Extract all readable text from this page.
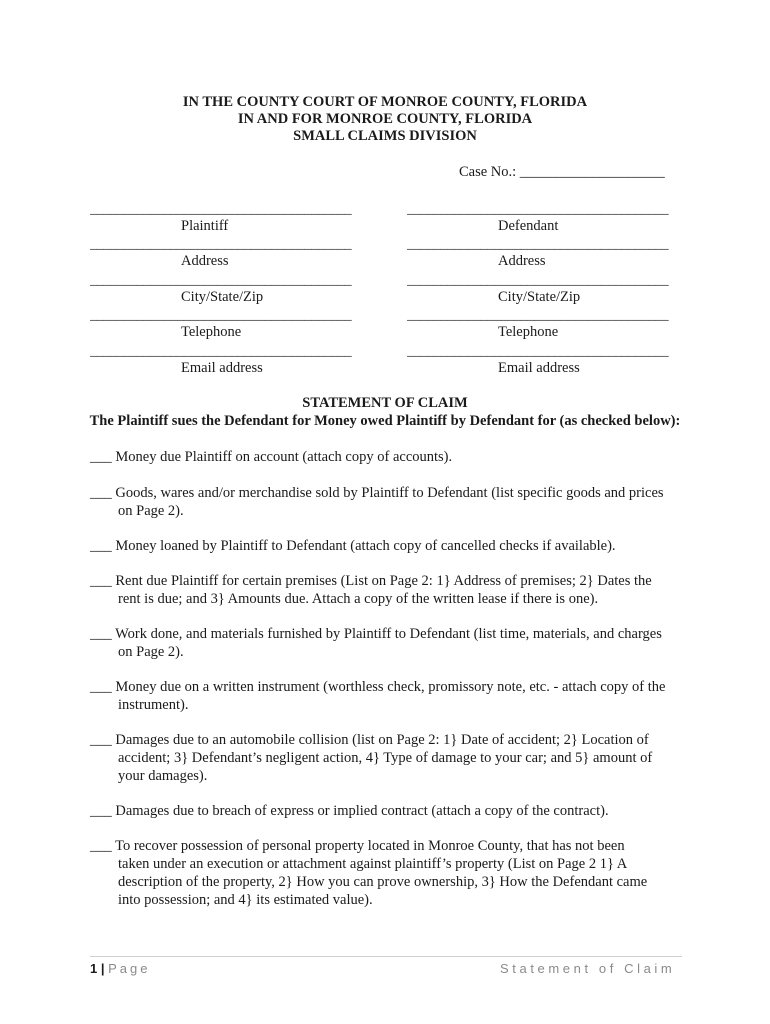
IN THE COUNTY COURT OF MONROE COUNTY, FLORIDA
IN AND FOR MONROE COUNTY, FLORIDA
SMALL CLAIMS DIVISION
Case No.: ____________________
_______________________________________
Plaintiff
_______________________________________
Address
_______________________________________
City/State/Zip
_______________________________________
Telephone
_______________________________________
Email address
_______________________________________
Defendant
_______________________________________
Address
_______________________________________
City/State/Zip
_______________________________________
Telephone
_______________________________________
Email address
STATEMENT OF CLAIM
The Plaintiff sues the Defendant for Money owed Plaintiff by Defendant for (as checked below):
___ Money due Plaintiff on account (attach copy of accounts).
___ Goods, wares and/or merchandise sold by Plaintiff to Defendant (list specific goods and prices
on Page 2).
___ Money loaned by Plaintiff to Defendant (attach copy of cancelled checks if available).
___ Rent due Plaintiff for certain premises (List on Page 2: 1} Address of premises; 2} Dates the
rent is due; and 3} Amounts due. Attach a copy of the written lease if there is one).
___ Work done, and materials furnished by Plaintiff to Defendant (list time, materials, and charges
on Page 2).
___ Money due on a written instrument (worthless check, promissory note, etc. - attach copy of the
instrument).
___ Damages due to an automobile collision (list on Page 2: 1} Date of accident; 2} Location of
accident; 3} Defendant’s negligent action, 4} Type of damage to your car; and 5} amount of
your damages).
___ Damages due to breach of express or implied contract (attach a copy of the contract).
___ To recover possession of personal property located in Monroe County, that has not been
taken under an execution or attachment against plaintiff’s property (List on Page 2 1} A
description of the property, 2} How you can prove ownership, 3} How the Defendant came
into possession; and 4} its estimated value).
1 | Page	Statement of Claim
